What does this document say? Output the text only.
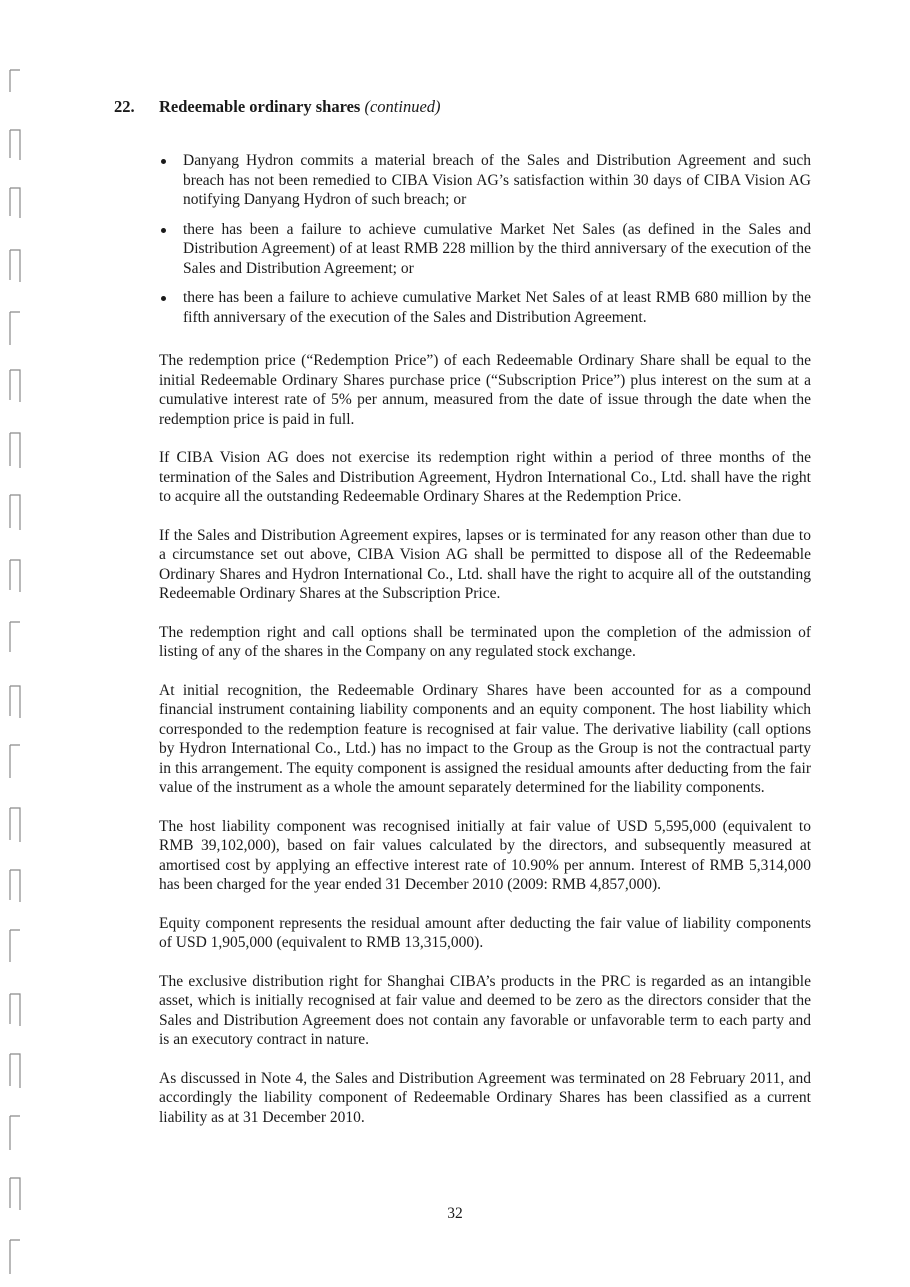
22. Redeemable ordinary shares (continued)
Danyang Hydron commits a material breach of the Sales and Distribution Agreement and such breach has not been remedied to CIBA Vision AG’s satisfaction within 30 days of CIBA Vision AG notifying Danyang Hydron of such breach; or
there has been a failure to achieve cumulative Market Net Sales (as defined in the Sales and Distribution Agreement) of at least RMB 228 million by the third anniversary of the execution of the Sales and Distribution Agreement; or
there has been a failure to achieve cumulative Market Net Sales of at least RMB 680 million by the fifth anniversary of the execution of the Sales and Distribution Agreement.

The redemption price (“Redemption Price”) of each Redeemable Ordinary Share shall be equal to the initial Redeemable Ordinary Shares purchase price (“Subscription Price”) plus interest on the sum at a cumulative interest rate of 5% per annum, measured from the date of issue through the date when the redemption price is paid in full.

If CIBA Vision AG does not exercise its redemption right within a period of three months of the termination of the Sales and Distribution Agreement, Hydron International Co., Ltd. shall have the right to acquire all the outstanding Redeemable Ordinary Shares at the Redemption Price.

If the Sales and Distribution Agreement expires, lapses or is terminated for any reason other than due to a circumstance set out above, CIBA Vision AG shall be permitted to dispose all of the Redeemable Ordinary Shares and Hydron International Co., Ltd. shall have the right to acquire all of the outstanding Redeemable Ordinary Shares at the Subscription Price.

The redemption right and call options shall be terminated upon the completion of the admission of listing of any of the shares in the Company on any regulated stock exchange.

At initial recognition, the Redeemable Ordinary Shares have been accounted for as a compound financial instrument containing liability components and an equity component. The host liability which corresponded to the redemption feature is recognised at fair value. The derivative liability (call options by Hydron International Co., Ltd.) has no impact to the Group as the Group is not the contractual party in this arrangement. The equity component is assigned the residual amounts after deducting from the fair value of the instrument as a whole the amount separately determined for the liability components.

The host liability component was recognised initially at fair value of USD 5,595,000 (equivalent to RMB 39,102,000), based on fair values calculated by the directors, and subsequently measured at amortised cost by applying an effective interest rate of 10.90% per annum. Interest of RMB 5,314,000 has been charged for the year ended 31 December 2010 (2009: RMB 4,857,000).

Equity component represents the residual amount after deducting the fair value of liability components of USD 1,905,000 (equivalent to RMB 13,315,000).

The exclusive distribution right for Shanghai CIBA’s products in the PRC is regarded as an intangible asset, which is initially recognised at fair value and deemed to be zero as the directors consider that the Sales and Distribution Agreement does not contain any favorable or unfavorable term to each party and is an executory contract in nature.

As discussed in Note 4, the Sales and Distribution Agreement was terminated on 28 February 2011, and accordingly the liability component of Redeemable Ordinary Shares has been classified as a current liability as at 31 December 2010.

32
